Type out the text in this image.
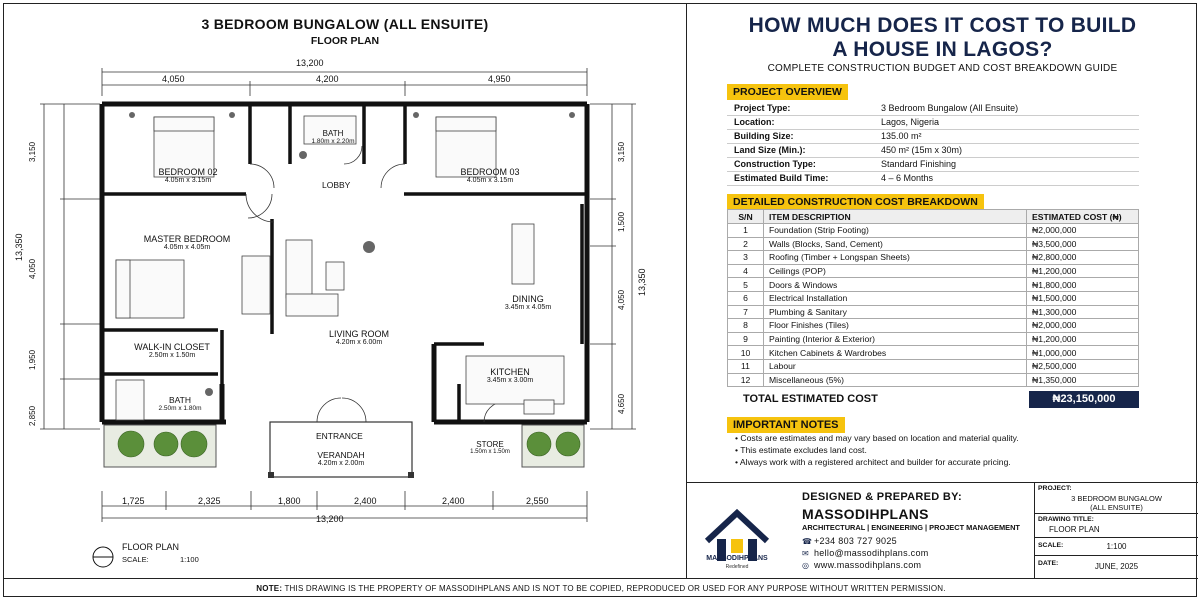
3 BEDROOM BUNGALOW (ALL ENSUITE)
FLOOR PLAN
13,200
4,050	4,200	4,950
1,725	2,325	1,800	2,400	2,400	2,550
13,200
13,350
3,150
4,050
1,950
2,850
3,150
1,500
4,050
4,650
13,350
BEDROOM 02
4.05m x 3.15m
BATH
1.80m x 2.20m
BEDROOM 03
4.05m x 3.15m
LOBBY
MASTER BEDROOM
4.05m x 4.05m
DINING
3.45m x 4.05m
LIVING ROOM
4.20m x 6.00m
WALK-IN CLOSET
2.50m x 1.50m
KITCHEN
3.45m x 3.00m
BATH
2.50m x 1.80m
ENTRANCE
VERANDAH
4.20m x 2.00m
STORE
1.50m x 1.50m
FLOOR PLAN
SCALE:	1:100
HOW MUCH DOES IT COST TO BUILD
A HOUSE IN LAGOS?
COMPLETE CONSTRUCTION BUDGET AND COST BREAKDOWN GUIDE
PROJECT OVERVIEW
Project Type:	3 Bedroom Bungalow (All Ensuite)
Location:	Lagos, Nigeria
Building Size:	135.00 m²
Land Size (Min.):	450 m² (15m x 30m)
Construction Type:	Standard Finishing
Estimated Build Time:	4 – 6 Months
DETAILED CONSTRUCTION COST BREAKDOWN
S/N	ITEM DESCRIPTION	ESTIMATED COST (₦)
1	Foundation (Strip Footing)	₦2,000,000
2	Walls (Blocks, Sand, Cement)	₦3,500,000
3	Roofing (Timber + Longspan Sheets)	₦2,800,000
4	Ceilings (POP)	₦1,200,000
5	Doors & Windows	₦1,800,000
6	Electrical Installation	₦1,500,000
7	Plumbing & Sanitary	₦1,300,000
8	Floor Finishes (Tiles)	₦2,000,000
9	Painting (Interior & Exterior)	₦1,200,000
10	Kitchen Cabinets & Wardrobes	₦1,000,000
11	Labour	₦2,500,000
12	Miscellaneous (5%)	₦1,350,000
TOTAL ESTIMATED COST	₦23,150,000
IMPORTANT NOTES
• Costs are estimates and may vary based on location and material quality.
• This estimate excludes land cost.
• Always work with a registered architect and builder for accurate pricing.
MASSODIHPLANS
Redefined
DESIGNED & PREPARED BY:
MASSODIHPLANS
ARCHITECTURAL | ENGINEERING | PROJECT MANAGEMENT
☎ +234 803 727 9025
✉ hello@massodihplans.com
◎ www.massodihplans.com
PROJECT:
3 BEDROOM BUNGALOW
(ALL ENSUITE)
DRAWING TITLE:
FLOOR PLAN
SCALE:	1:100
DATE:	JUNE, 2025
NOTE: THIS DRAWING IS THE PROPERTY OF MASSODIHPLANS AND IS NOT TO BE COPIED, REPRODUCED OR USED FOR ANY PURPOSE WITHOUT WRITTEN PERMISSION.
